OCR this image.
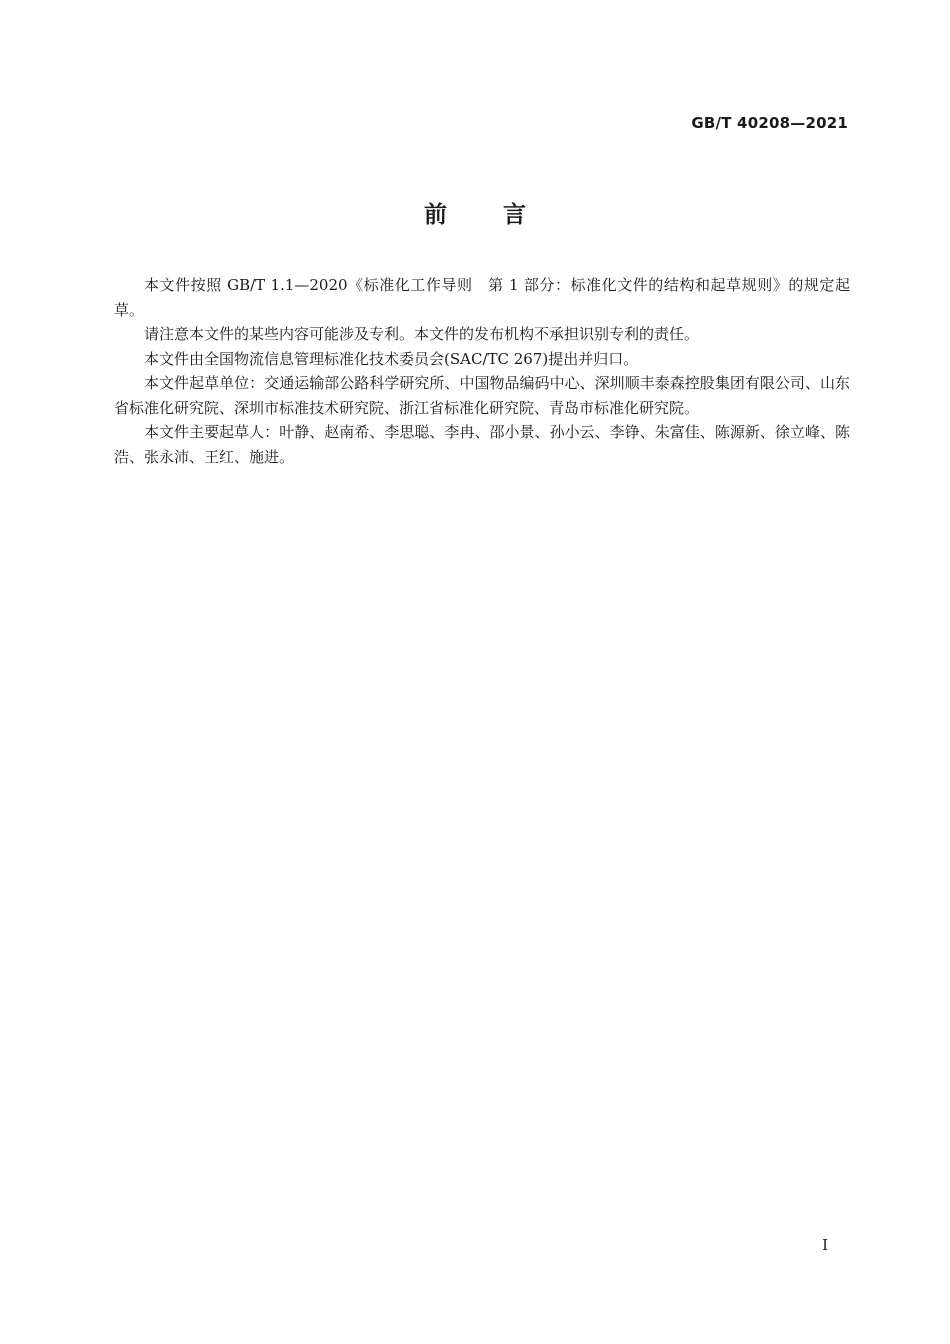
GB/T 40208—2021
前言

本文件按照 GB/T 1.1—2020《标准化工作导则　第 1 部分：标准化文件的结构和起草规则》的规定起草。

请注意本文件的某些内容可能涉及专利。本文件的发布机构不承担识别专利的责任。

本文件由全国物流信息管理标准化技术委员会(SAC/TC 267)提出并归口。

本文件起草单位：交通运输部公路科学研究所、中国物品编码中心、深圳顺丰泰森控股集团有限公司、山东省标准化研究院、深圳市标准技术研究院、浙江省标准化研究院、青岛市标准化研究院。

本文件主要起草人：叶静、赵南希、李思聪、李冉、邵小景、孙小云、李铮、朱富佳、陈源新、徐立峰、陈浩、张永沛、王红、施进。

I
